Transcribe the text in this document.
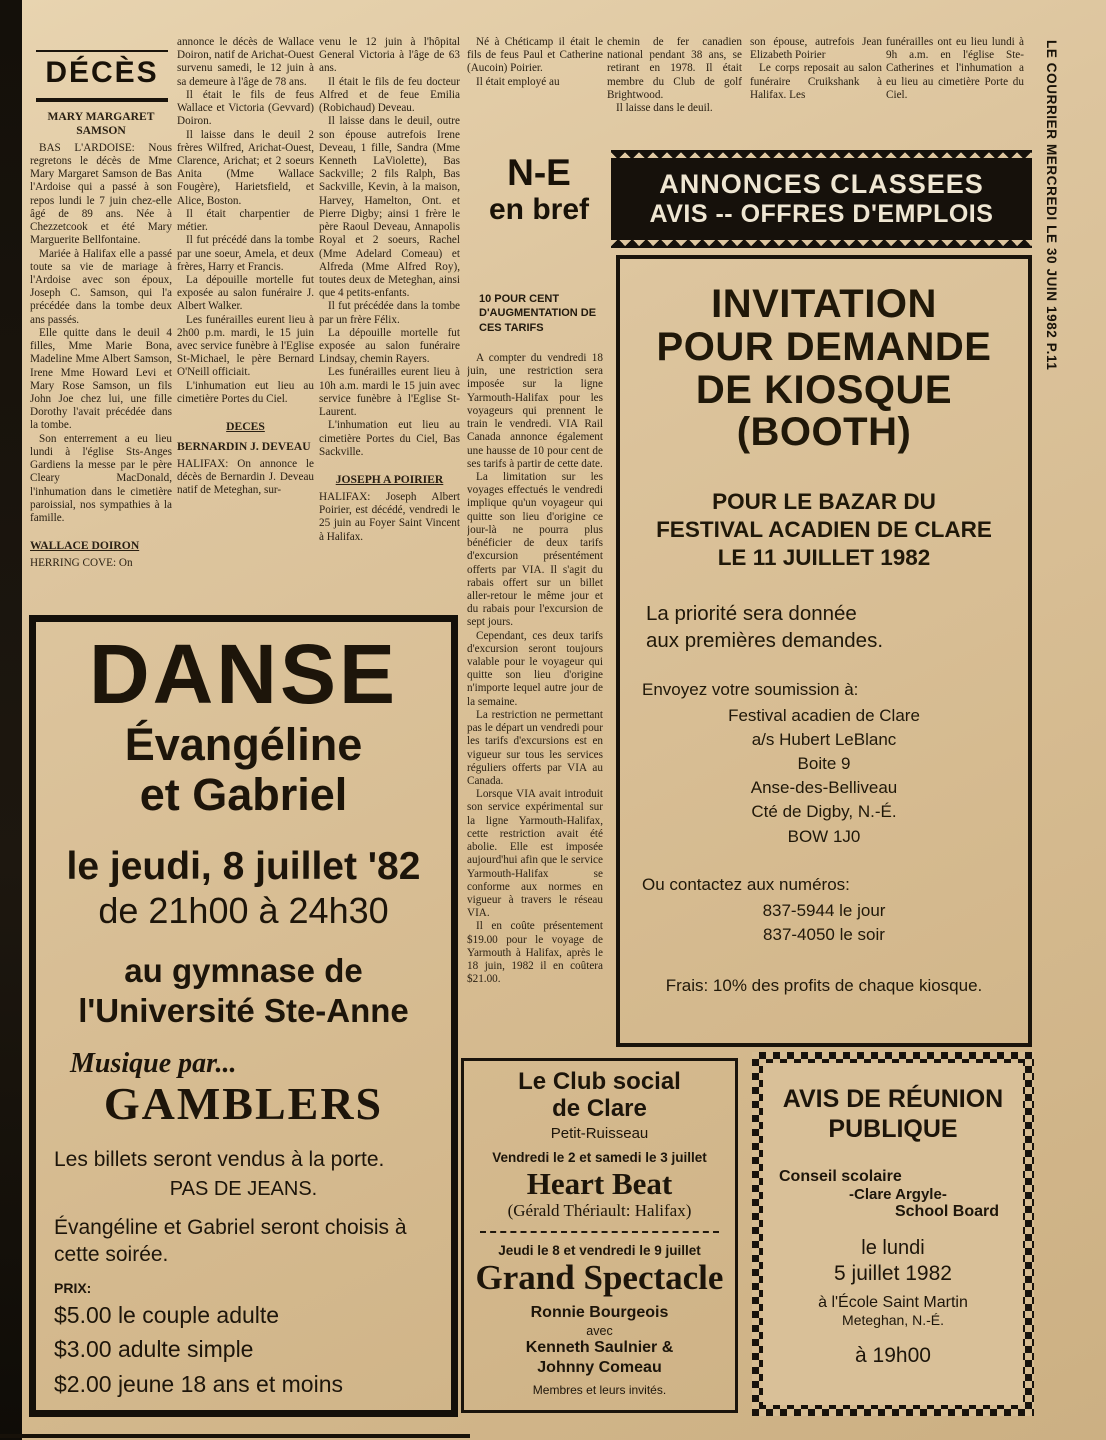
LE COURRIER MERCREDI LE 30 JUIN 1982 P.11
DÉCÈS
MARY MARGARET SAMSON

BAS L'ARDOISE: Nous regretons le décès de Mme Mary Margaret Samson de Bas l'Ardoise qui a passé à son repos lundi le 7 juin chez-elle âgé de 89 ans. Née à Chezzetcook et été Mary Marguerite Bellfontaine.

Mariée à Halifax elle a passé toute sa vie de mariage à l'Ardoise avec son époux, Joseph C. Samson, qui l'a précédée dans la tombe deux ans passés.

Elle quitte dans le deuil 4 filles, Mme Marie Bona, Madeline Mme Albert Samson, Irene Mme Howard Levi et Mary Rose Samson, un fils John Joe chez lui, une fille Dorothy l'avait précédée dans la tombe.

Son enterrement a eu lieu lundi à l'église Sts-Anges Gardiens la messe par le père Cleary MacDonald, l'inhumation dans le cimetière paroissial, nos sympathies à la famille.

WALLACE DOIRON

HERRING COVE: On

annonce le décès de Wallace Doiron, natif de Arichat-Ouest survenu samedi, le 12 juin à sa demeure à l'âge de 78 ans.

Il était le fils de feus Wallace et Victoria (Gevvard) Doiron.

Il laisse dans le deuil 2 frères Wilfred, Arichat-Ouest, Clarence, Arichat; et 2 soeurs Anita (Mme Wallace Fougère), Harietsfield, et Alice, Boston.

Il était charpentier de métier.

Il fut précédé dans la tombe par une soeur, Amela, et deux frères, Harry et Francis.

La dépouille mortelle fut exposée au salon funéraire J. Albert Walker.

Les funérailles eurent lieu à 2h00 p.m. mardi, le 15 juin avec service funèbre à l'Eglise St-Michael, le père Bernard O'Neill officiait.

L'inhumation eut lieu au cimetière Portes du Ciel.

DECES
BERNARDIN J. DEVEAU

HALIFAX: On annonce le décès de Bernardin J. Deveau natif de Meteghan, sur-

venu le 12 juin à l'hôpital General Victoria à l'âge de 63 ans.

Il était le fils de feu docteur Alfred et de feue Emilia (Robichaud) Deveau.

Il laisse dans le deuil, outre son épouse autrefois Irene Deveau, 1 fille, Sandra (Mme Kenneth LaViolette), Bas Sackville; 2 fils Ralph, Bas Sackville, Kevin, à la maison, Harvey, Hamelton, Ont. et Pierre Digby; ainsi 1 frère le père Raoul Deveau, Annapolis Royal et 2 soeurs, Rachel (Mme Adelard Comeau) et Alfreda (Mme Alfred Roy), toutes deux de Meteghan, ainsi que 4 petits-enfants.

Il fut précédée dans la tombe par un frère Félix.

La dépouille mortelle fut exposée au salon funéraire Lindsay, chemin Rayers.

Les funérailles eurent lieu à 10h a.m. mardi le 15 juin avec service funèbre à l'Eglise St-Laurent.

L'inhumation eut lieu au cimetière Portes du Ciel, Bas Sackville.

JOSEPH A POIRIER

HALIFAX: Joseph Albert Poirier, est décédé, vendredi le 25 juin au Foyer Saint Vincent à Halifax.

Né à Chéticamp il était le fils de feus Paul et Catherine (Aucoin) Poirier.

Il était employé au

chemin de fer canadien national pendant 38 ans, se retirant en 1978. Il était membre du Club de golf Brightwood.

Il laisse dans le deuil.

son épouse, autrefois Jean Elizabeth Poirier

Le corps reposait au salon funéraire Cruikshank à Halifax. Les

funérailles ont eu lieu lundi à 9h a.m. en l'église Ste-Catherines et l'inhumation a eu lieu au cimetière Porte du Ciel.

N-E
en bref
10 POUR CENT D'AUGMENTATION DE CES TARIFS

A compter du vendredi 18 juin, une restriction sera imposée sur la ligne Yarmouth-Halifax pour les voyageurs qui prennent le train le vendredi. VIA Rail Canada annonce également une hausse de 10 pour cent de ses tarifs à partir de cette date.

La limitation sur les voyages effectués le vendredi implique qu'un voyageur qui quitte son lieu d'origine ce jour-là ne pourra plus bénéficier de deux tarifs d'excursion présentément offerts par VIA. Il s'agit du rabais offert sur un billet aller-retour le même jour et du rabais pour l'excursion de sept jours.

Cependant, ces deux tarifs d'excursion seront toujours valable pour le voyageur qui quitte son lieu d'origine n'importe lequel autre jour de la semaine.

La restriction ne permettant pas le départ un vendredi pour les tarifs d'excursions est en vigueur sur tous les services réguliers offerts par VIA au Canada.

Lorsque VIA avait introduit son service expérimental sur la ligne Yarmouth-Halifax, cette restriction avait été abolie. Elle est imposée aujourd'hui afin que le service Yarmouth-Halifax se conforme aux normes en vigueur à travers le réseau VIA.

Il en coûte présentement $19.00 pour le voyage de Yarmouth à Halifax, après le 18 juin, 1982 il en coûtera $21.00.

ANNONCES CLASSEES
AVIS -- OFFRES D'EMPLOIS

INVITATION

POUR DEMANDE

DE KIOSQUE

(BOOTH)

POUR LE BAZAR DU

FESTIVAL ACADIEN DE CLARE

LE 11 JUILLET 1982

La priorité sera donnée

aux premières demandes.

Envoyez votre soumission à:

Festival acadien de Clare

a/s Hubert LeBlanc

Boite 9

Anse-des-Belliveau

Cté de Digby, N.-É.

BOW 1J0

Ou contactez aux numéros:

837-5944 le jour

837-4050 le soir

Frais: 10% des profits de chaque kiosque.
DANSE

Évangéline

et Gabriel

le jeudi, 8 juillet '82
de 21h00 à 24h30

au gymnase de

l'Université Ste-Anne

Musique par...
GAMBLERS
Les billets seront vendus à la porte.
PAS DE JEANS.
Évangéline et Gabriel seront choisis à cette soirée.
PRIX:

$5.00 le couple adulte

$3.00 adulte simple

$2.00 jeune 18 ans et moins

Le Club social

de Clare

Petit-Ruisseau
Vendredi le 2 et samedi le 3 juillet
Heart Beat
(Gérald Thériault: Halifax)
Jeudi le 8 et vendredi le 9 juillet
Grand Spectacle
Ronnie Bourgeois
avec
Kenneth Saulnier &
Johnny Comeau
Membres et leurs invités.

AVIS DE RÉUNION

PUBLIQUE

Conseil scolaire
-Clare Argyle-
School Board
le lundi
5 juillet 1982
à l'École Saint Martin
Meteghan, N.-É.
à 19h00
